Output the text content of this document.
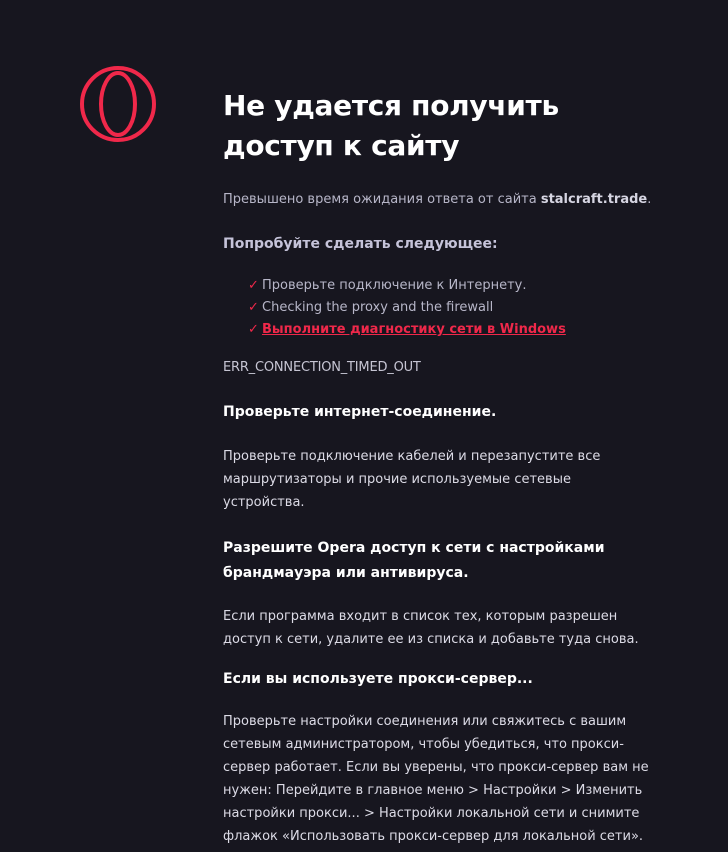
Не удается получить доступ к сайту
Превышено время ожидания ответа от сайта stalcraft.trade.
Попробуйте сделать следующее:
✓ Проверьте подключение к Интернету.
✓ Checking the proxy and the firewall
✓ Выполните диагностику сети в Windows
ERR_CONNECTION_TIMED_OUT
Проверьте интернет-соединение.

Проверьте подключение кабелей и перезапустите все маршрутизаторы и прочие используемые сетевые устройства.

Разрешите Opera доступ к сети с настройками брандмауэра или антивируса.

Если программа входит в список тех, которым разрешен доступ к сети, удалите ее из списка и добавьте туда снова.

Если вы используете прокси-сервер...

Проверьте настройки соединения или свяжитесь с вашим сетевым администратором, чтобы убедиться, что прокси-сервер работает. Если вы уверены, что прокси-сервер вам не нужен: Перейдите в главное меню > Настройки > Изменить настройки прокси... > Настройки локальной сети и снимите флажок «Использовать прокси-сервер для локальной сети».
